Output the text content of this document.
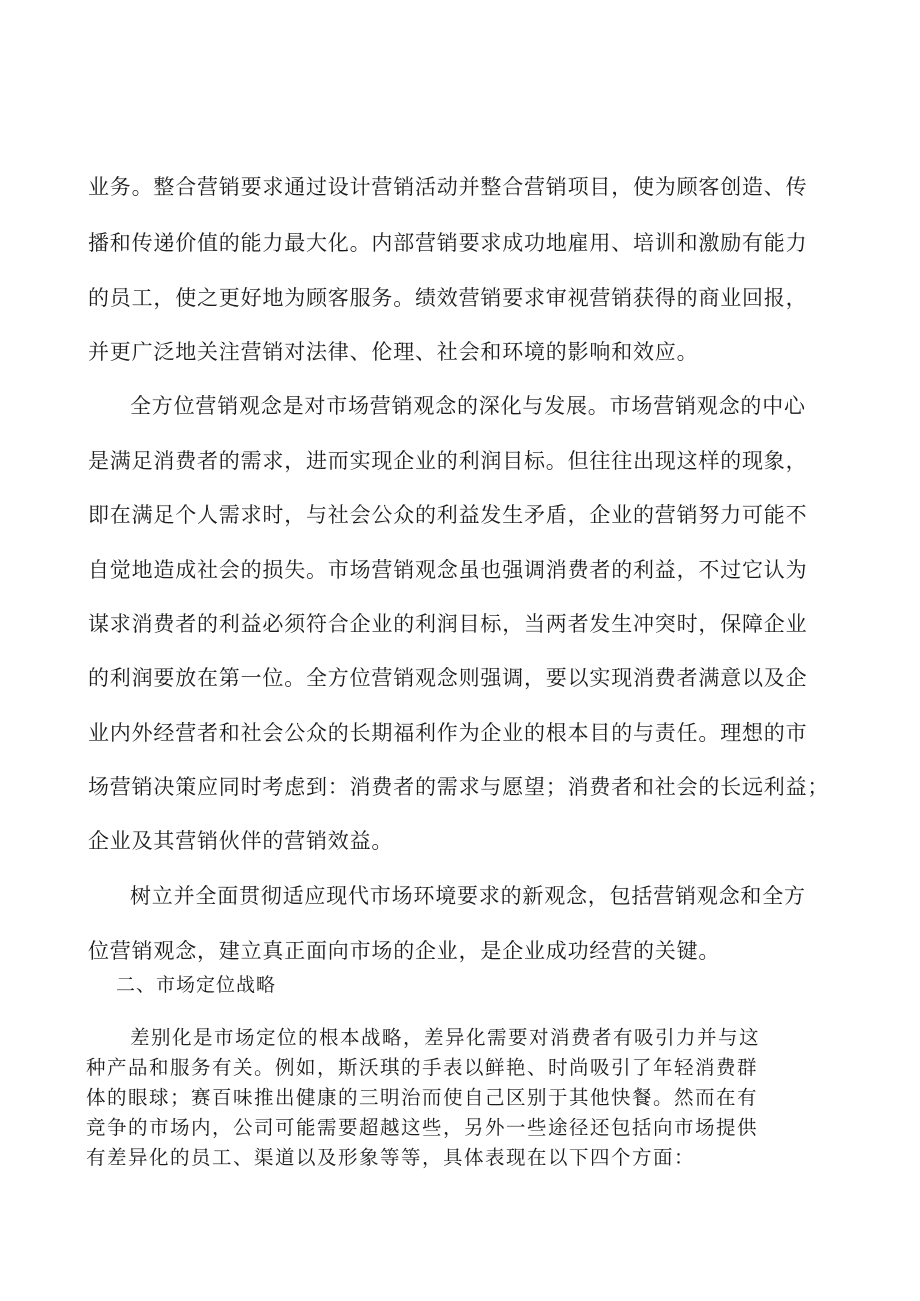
业务。整合营销要求通过设计营销活动并整合营销项目，使为顾客创造、传

播和传递价值的能力最大化。内部营销要求成功地雇用、培训和激励有能力

的员工，使之更好地为顾客服务。绩效营销要求审视营销获得的商业回报，

并更广泛地关注营销对法律、伦理、社会和环境的影响和效应。

全方位营销观念是对市场营销观念的深化与发展。市场营销观念的中心

是满足消费者的需求，进而实现企业的利润目标。但往往出现这样的现象，

即在满足个人需求时，与社会公众的利益发生矛盾，企业的营销努力可能不

自觉地造成社会的损失。市场营销观念虽也强调消费者的利益，不过它认为

谋求消费者的利益必须符合企业的利润目标，当两者发生冲突时，保障企业

的利润要放在第一位。全方位营销观念则强调，要以实现消费者满意以及企

业内外经营者和社会公众的长期福利作为企业的根本目的与责任。理想的市

场营销决策应同时考虑到：消费者的需求与愿望；消费者和社会的长远利益；

企业及其营销伙伴的营销效益。

树立并全面贯彻适应现代市场环境要求的新观念，包括营销观念和全方

位营销观念，建立真正面向市场的企业，是企业成功经营的关键。

二、市场定位战略

差别化是市场定位的根本战略，差异化需要对消费者有吸引力并与这

种产品和服务有关。例如，斯沃琪的手表以鲜艳、时尚吸引了年轻消费群

体的眼球；赛百味推出健康的三明治而使自己区别于其他快餐。然而在有

竞争的市场内，公司可能需要超越这些，另外一些途径还包括向市场提供

有差异化的员工、渠道以及形象等等，具体表现在以下四个方面：
